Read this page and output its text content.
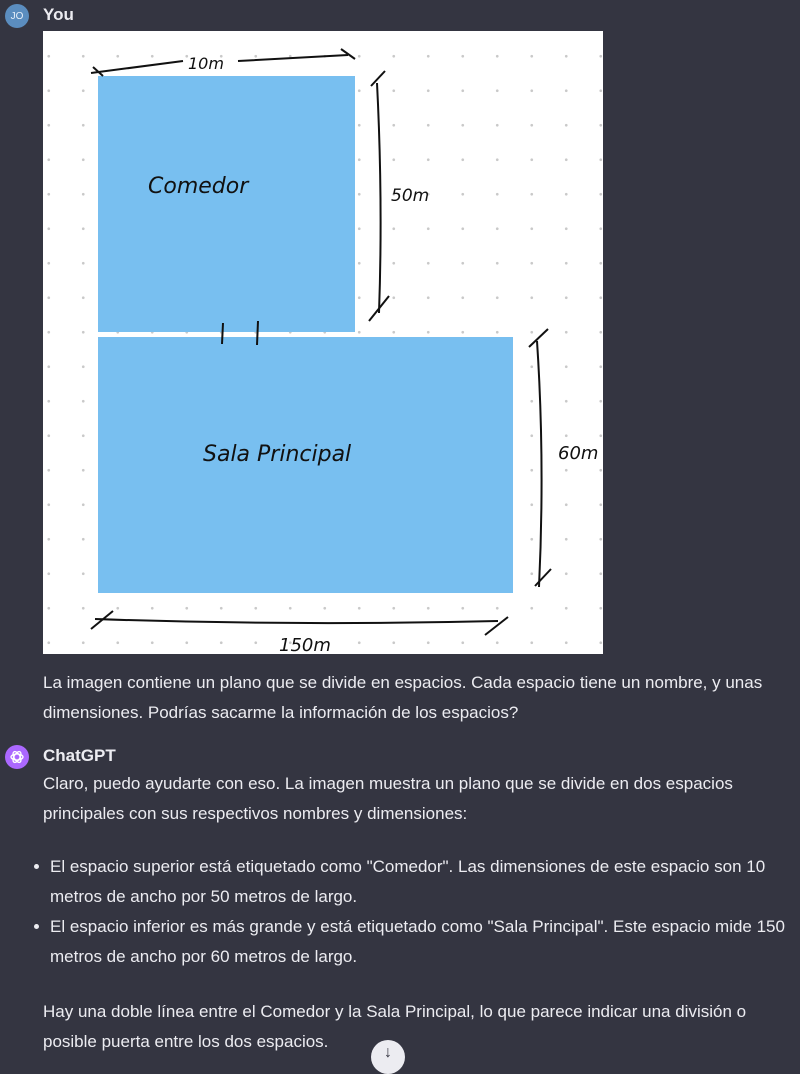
JO You
10m
50m
60m
150m
Comedor
Sala Principal

La imagen contiene un plano que se divide en espacios. Cada espacio tiene un nombre, y unas dimensiones. Podrías sacarme la información de los espacios?

ChatGPT

Claro, puedo ayudarte con eso. La imagen muestra un plano que se divide en dos espacios principales con sus respectivos nombres y dimensiones:

El espacio superior está etiquetado como "Comedor". Las dimensiones de este espacio son 10 metros de ancho por 50 metros de largo.
El espacio inferior es más grande y está etiquetado como "Sala Principal". Este espacio mide 150 metros de ancho por 60 metros de largo.

Hay una doble línea entre el Comedor y la Sala Principal, lo que parece indicar una división o posible puerta entre los dos espacios.

↓
